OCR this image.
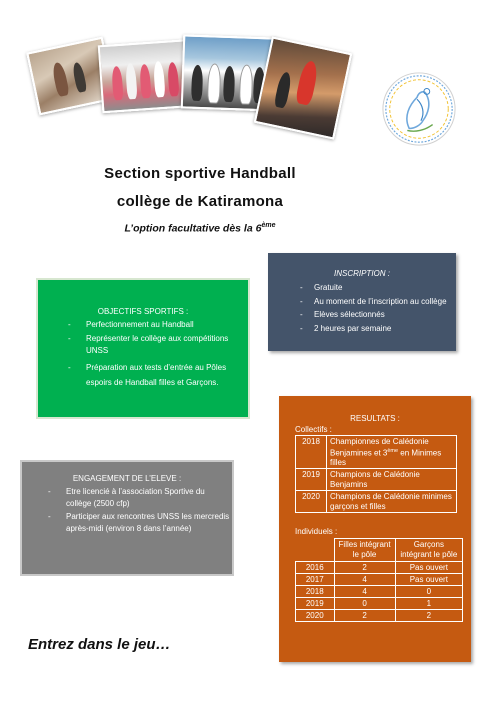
Section sportive Handball
collège de Katiramona
L’option facultative dès la 6ème
INSCRIPTION :
- Gratuite
- Au moment de l’inscription au collège
- Elèves sélectionnés
- 2 heures par semaine
OBJECTIFS SPORTIFS :
- Perfectionnement au Handball
- Représenter le collège aux compétitions UNSS
- Préparation aux tests d’entrée au Pôles espoirs de Handball filles et Garçons.
ENGAGEMENT DE L’ELEVE :
- Etre licencié à l’association Sportive du collège (2500 cfp)
- Participer aux rencontres UNSS les mercredis après-midi (environ 8 dans l’année)
RESULTATS :
Collectifs :
2018	Championnes de Calédonie Benjamines et 3ème en Minimes filles
2019	Champions de Calédonie Benjamins
2020	Champions de Calédonie minimes garçons et filles
Individuels :
	Filles intégrant le pôle	Garçons intégrant le pôle
2016	2	Pas ouvert
2017	4	Pas ouvert
2018	4	0
2019	0	1
2020	2	2
Entrez dans le jeu…
